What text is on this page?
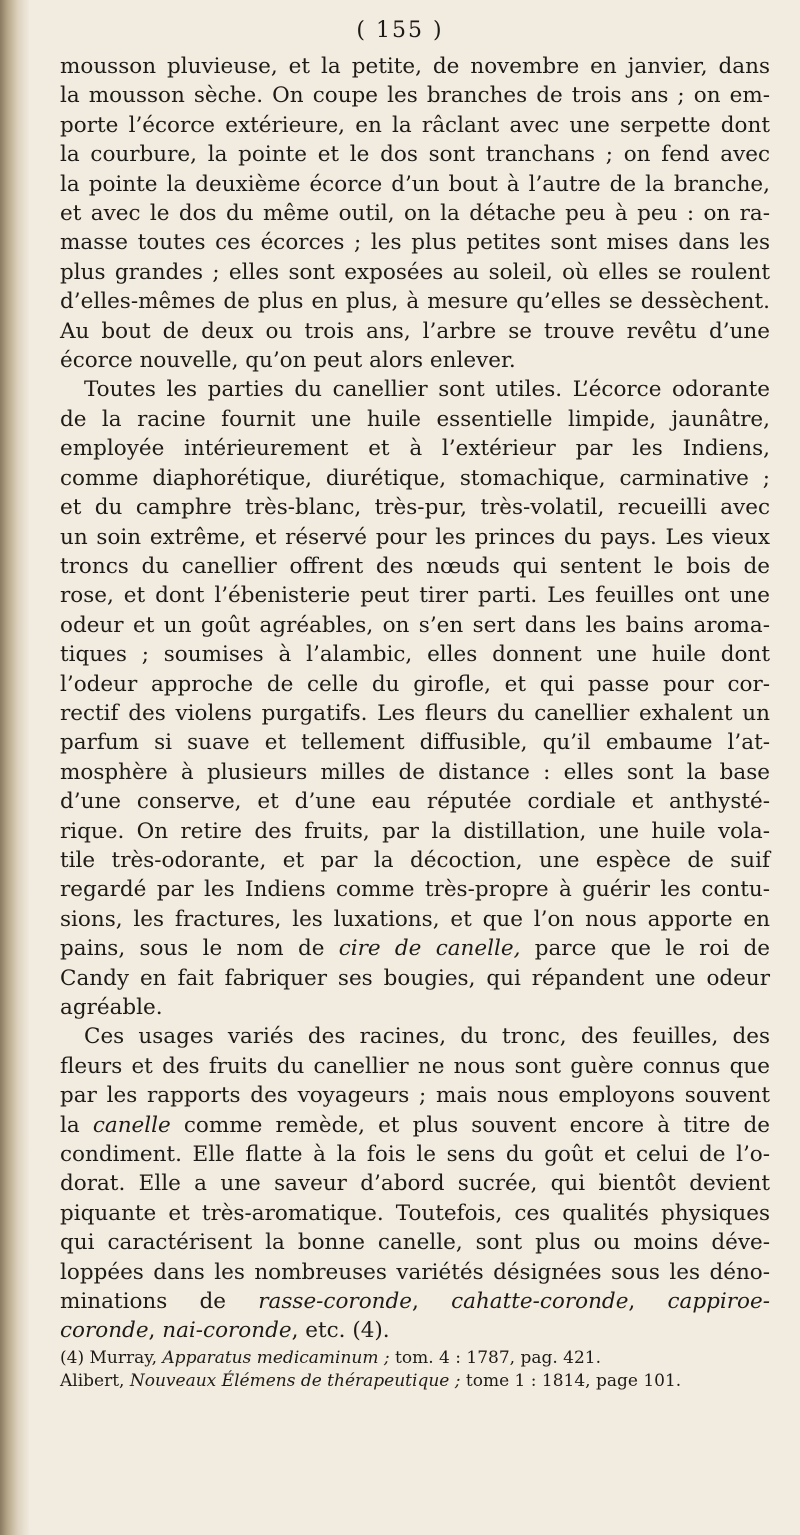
( 155 )
mousson pluvieuse, et la petite, de novembre en janvier, dans
la mousson sèche. On coupe les branches de trois ans ; on em-
porte l’écorce extérieure, en la râclant avec une serpette dont
la courbure, la pointe et le dos sont tranchans ; on fend avec
la pointe la deuxième écorce d’un bout à l’autre de la branche,
et avec le dos du même outil, on la détache peu à peu : on ra-
masse toutes ces écorces ; les plus petites sont mises dans les
plus grandes ; elles sont exposées au soleil, où elles se roulent
d’elles-mêmes de plus en plus, à mesure qu’elles se dessèchent.
Au bout de deux ou trois ans, l’arbre se trouve revêtu d’une
écorce nouvelle, qu’on peut alors enlever.
Toutes les parties du canellier sont utiles. L’écorce odorante
de la racine fournit une huile essentielle limpide, jaunâtre,
employée intérieurement et à l’extérieur par les Indiens,
comme diaphorétique, diurétique, stomachique, carminative ;
et du camphre très-blanc, très-pur, très-volatil, recueilli avec
un soin extrême, et réservé pour les princes du pays. Les vieux
troncs du canellier offrent des nœuds qui sentent le bois de
rose, et dont l’ébenisterie peut tirer parti. Les feuilles ont une
odeur et un goût agréables, on s’en sert dans les bains aroma-
tiques ; soumises à l’alambic, elles donnent une huile dont
l’odeur approche de celle du girofle, et qui passe pour cor-
rectif des violens purgatifs. Les fleurs du canellier exhalent un
parfum si suave et tellement diffusible, qu’il embaume l’at-
mosphère à plusieurs milles de distance : elles sont la base
d’une conserve, et d’une eau réputée cordiale et anthysté-
rique. On retire des fruits, par la distillation, une huile vola-
tile très-odorante, et par la décoction, une espèce de suif
regardé par les Indiens comme très-propre à guérir les contu-
sions, les fractures, les luxations, et que l’on nous apporte en
pains, sous le nom de cire de canelle, parce que le roi de
Candy en fait fabriquer ses bougies, qui répandent une odeur
agréable.
Ces usages variés des racines, du tronc, des feuilles, des
fleurs et des fruits du canellier ne nous sont guère connus que
par les rapports des voyageurs ; mais nous employons souvent
la canelle comme remède, et plus souvent encore à titre de
condiment. Elle flatte à la fois le sens du goût et celui de l’o-
dorat. Elle a une saveur d’abord sucrée, qui bientôt devient
piquante et très-aromatique. Toutefois, ces qualités physiques
qui caractérisent la bonne canelle, sont plus ou moins déve-
loppées dans les nombreuses variétés désignées sous les déno-
minations de rasse-coronde, cahatte-coronde, cappiroe-
coronde, nai-coronde, etc. (4).
(4) Murray, Apparatus medicaminum ; tom. 4 : 1787, pag. 421.
Alibert, Nouveaux Élémens de thérapeutique ; tome 1 : 1814, page 101.
